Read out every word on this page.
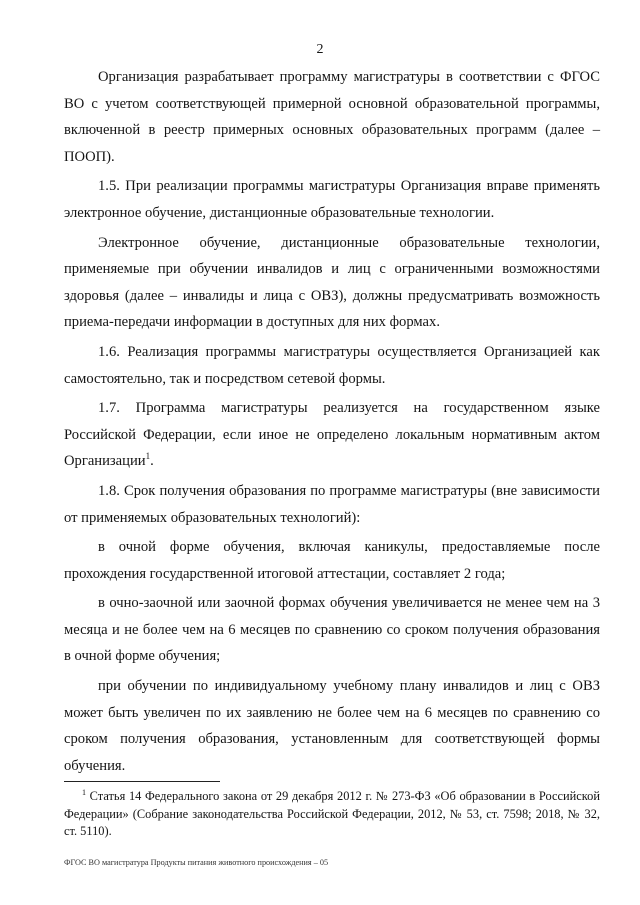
2

Организация разрабатывает программу магистратуры в соответствии с ФГОС ВО с учетом соответствующей примерной основной образовательной программы, включенной в реестр примерных основных образовательных программ (далее – ПООП).

1.5. При реализации программы магистратуры Организация вправе применять электронное обучение, дистанционные образовательные технологии.

Электронное обучение, дистанционные образовательные технологии, применяемые при обучении инвалидов и лиц с ограниченными возможностями здоровья (далее – инвалиды и лица с ОВЗ), должны предусматривать возможность приема-передачи информации в доступных для них формах.

1.6. Реализация программы магистратуры осуществляется Организацией как самостоятельно, так и посредством сетевой формы.

1.7. Программа магистратуры реализуется на государственном языке Российской Федерации, если иное не определено локальным нормативным актом Организации$^1$.

1.8. Срок получения образования по программе магистратуры (вне зависимости от применяемых образовательных технологий):

в очной форме обучения, включая каникулы, предоставляемые после прохождения государственной итоговой аттестации, составляет 2 года;

в очно-заочной или заочной формах обучения увеличивается не менее чем на 3 месяца и не более чем на 6 месяцев по сравнению со сроком получения образования в очной форме обучения;

при обучении по индивидуальному учебному плану инвалидов и лиц с ОВЗ может быть увеличен по их заявлению не более чем на 6 месяцев по сравнению со сроком получения образования, установленным для соответствующей формы обучения.

$^1$ Статья 14 Федерального закона от 29 декабря 2012 г. № 273-ФЗ «Об образовании в Российской Федерации» (Собрание законодательства Российской Федерации, 2012, № 53, ст. 7598; 2018, № 32, ст. 5110).
ФГОС ВО магистратура Продукты питания животного происхождения – 05
